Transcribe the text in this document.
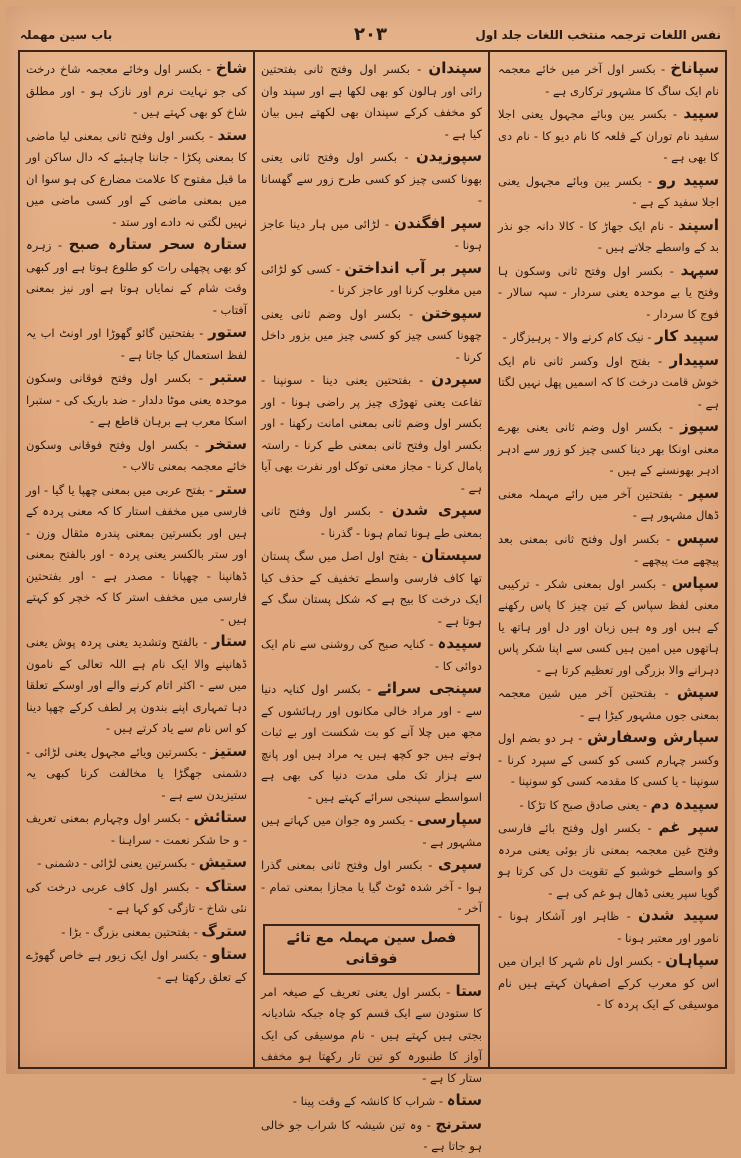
نفس اللغات ترجمہ منتخب اللغات جلد اول
۲۰۳
باب سین مھملہ
سپاناخ - بکسر اول آخر میں خائے معجمہ نام ایک ساگ کا مشہور ترکاری ہے -
سپید - بکسر یبن وبائے مجہول یعنی اجلا سفید نام توران کے قلعہ کا نام دیو کا - نام دی کا بھی ہے -
سپید رو - بکسر یبن وبائے مجہول یعنی اجلا سفید کے ہے -
اسپند - نام ایک جھاڑ کا - کالا دانہ جو نذر بد کے واسطے جلاتے ہیں -
سپہد - بکسر اول وفتح ثانی وسکون ہا وفتح یا بے موحدہ یعنی سردار - سپہ سالار - فوج کا سردار -
سپید کار - نیک کام کرنے والا - پرہیزگار -
سپیدار - بفتح اول وکسر ثانی نام ایک خوش قامت درخت کا کہ اسمیں پھل نہیں لگتا ہے -
سپوز - بکسر اول وضم ثانی یعنی بھرے معنی اونکا بھر دینا کسی چیز کو زور سے ادہر ادہر بھونسنے کے ہیں -
سپر - بفتحتین آخر میں رائے مہملہ معنی ڈھال مشہور ہے -
سپس - بکسر اول وفتح ثانی بمعنی بعد پیچھے مت پیچھے -
سپاس - بکسر اول بمعنی شکر - ترکیبی معنی لفظ سپاس کے تین چیز کا پاس رکھنے کے ہیں اور وہ ہیں زبان اور دل اور ہاتھ یا ہاتھوں میں امین ہیں کسی سے اپنا شکر پاس دہرانے والا بزرگی اور تعظیم کرتا ہے -
سپش - بفتحتین آخر میں شین معجمہ بمعنی جوں مشہور کیڑا ہے -
سپارش وسفارش - ہر دو بضم اول وکسر چہارم کسی کو کسی کے سپرد کرنا - سونپنا - یا کسی کا مقدمہ کسی کو سونپنا -
سپیدہ دم - یعنی صادق صبح کا تڑکا -
سپر غم - بکسر اول وفتح بائے فارسی وفتح غین معجمہ بمعنی ناز بوئی یعنی مردہ کو واسطے خوشبو کے تقویت دل کی کرتا ہو گویا سپر یعنی ڈھال ہو غم کی ہے -
سپید شدن - ظاہر اور آشکار ہونا - نامور اور معتبر ہونا -
سپاہان - بکسر اول نام شہر کا ایران میں اس کو معرب کرکے اصفہان کہتے ہیں نام موسیقی کے ایک پردہ کا -
سپندان - بکسر اول وفتح ثانی بفتحتین رائی اور ہالون کو بھی لکھا ہے اور سپند وان کو مخفف کرکے سپندان بھی لکھتے ہیں بیان کیا ہے -
سپوزیدن - بکسر اول وفتح ثانی یعنی بھونا کسی چیز کو کسی طرح زور سے گھسانا -
سپر افگندن - لڑائی میں ہار دینا عاجز ہونا -
سپر بر آب انداختن - کسی کو لڑائی میں مغلوب کرنا اور عاجز کرنا -
سپوختن - بکسر اول وضم ثانی یعنی چھونا کسی چیز کو کسی چیز میں بزور داخل کرنا -
سپردن - بفتحتین یعنی دینا - سونپنا - تفاعت یعنی تھوڑی چیز پر راضی ہونا - اور بکسر اول وضم ثانی بمعنی امانت رکھنا - اور بکسر اول وفتح ثانی بمعنی طے کرنا - راستہ پامال کرنا - مجاز معنی توکل اور نفرت بھی آیا ہے -
سپری شدن - بکسر اول وفتح ثانی بمعنی طے ہونا تمام ہونا - گذرنا -
سپستان - بفتح اول اصل میں سگ پستان تھا کاف فارسی واسطے تخفیف کے حذف کیا ایک درخت کا بیج ہے کہ شکل پستان سگ کے ہوتا ہے -
سپیدہ - کنایہ صبح کی روشنی سے نام ایک دوائی کا -
سپنجی سرائے - بکسر اول کنایہ دنیا سے - اور مراد خالی مکانوں اور رہائشوں کے مجھ میں چلا آنے کو بت شکست اور بے ثبات ہوتے ہیں جو کچھ ہیں یہ مراد ہیں اور پانچ سے ہزار تک ملی مدت دنیا کی بھی ہے اسواسطے سپنجی سرائے کہتے ہیں -
سپارسی - بکسر وہ جوان میں کہاتے ہیں مشہور ہے -
سپری - بکسر اول وفتح ثانی بمعنی گذرا ہوا - آخر شدہ ٹوٹ گیا یا مجازا بمعنی تمام - آخر -
فصل سین مہملہ مع تائے فوقانی
ستا - بکسر اول یعنی تعریف کے صیغہ امر کا ستودن سے ایک قسم کو چاہ جبکہ شادیانہ بجتی ہیں کہتے ہیں - نام موسیقی کی ایک آواز کا طنبورہ کو تین تار رکھتا ہو مخفف ستار کا ہے -
ستاہ - شراب کا کانشہ کے وقت پینا -
سترنج - وہ تین شیشہ کا شراب جو خالی ہو جاتا ہے -
شاخ - بکسر اول وخائے معجمہ شاخ درخت کی جو نہایت نرم اور نازک ہو - اور مطلق شاخ کو بھی کہتے ہیں -
ستد - بکسر اول وفتح ثانی بمعنی لیا ماضی کا بمعنی پکڑا - جاننا چاہیئے کہ دال ساکن اور ما قبل مفتوح کا علامت مضارع کی ہو سوا ان میں بمعنی ماضی کے اور کسی ماضی میں نہیں لگتی نہ دادے اور ستد -
ستارہ سحر ستارہ صبح - زہرہ کو بھی پچھلی رات کو طلوع ہوتا ہے اور کبھی وقت شام کے نمایاں ہوتا ہے اور نیز بمعنی آفتاب -
ستور - بفتحتین گائو گھوڑا اور اونٹ اب یہ لفظ استعمال کیا جاتا ہے -
ستبر - بکسر اول وفتح فوقانی وسکون موحدہ یعنی موٹا دلدار - ضد باریک کی - ستبرا اسکا معرب ہے برہان قاطع ہے -
ستخر - بکسر اول وفتح فوقانی وسکون خائے معجمہ بمعنی تالاب -
ستر - بفتح عربی میں بمعنی چھپا یا گیا - اور فارسی میں مخفف استار کا کہ معنی پردہ کے ہیں اور بکسرتین بمعنی پندرہ مثقال وزن - اور ستر بالکسر یعنی پردہ - اور بالفتح بمعنی ڈھانپنا - چھپانا - مصدر ہے - اور بفتحتین فارسی میں مخفف استر کا کہ خچر کو کہتے ہیں -
ستار - بالفتح وتشدید یعنی پردہ پوش یعنی ڈھانپنے والا ایک نام ہے اللہ تعالی کے نامون میں سے - اکثر اتام کرنے والے اور اوسکے تعلقا دہا تمہاری اپنے بندون پر لطف کرکے چھپا دینا کو اس نام سے یاد کرتے ہیں -
ستیز - بکسرتین ویائے مجہول یعنی لڑائی - دشمنی جھگڑا یا مخالفت کرنا کبھی یہ ستیزیدن سے ہے -
ستائش - بکسر اول وچہارم بمعنی تعریف - و حا شکر نعمت - سراہنا -
ستیش - بکسرتین یعنی لڑائی - دشمنی -
ستاک - بکسر اول کاف عربی درخت کی نئی شاخ - تازگی کو کہا ہے -
سترگ - بفتحتین بمعنی بزرگ - بڑا -
ستاو - بکسر اول ایک زیور ہے خاص گھوڑے کے تعلق رکھتا ہے -
